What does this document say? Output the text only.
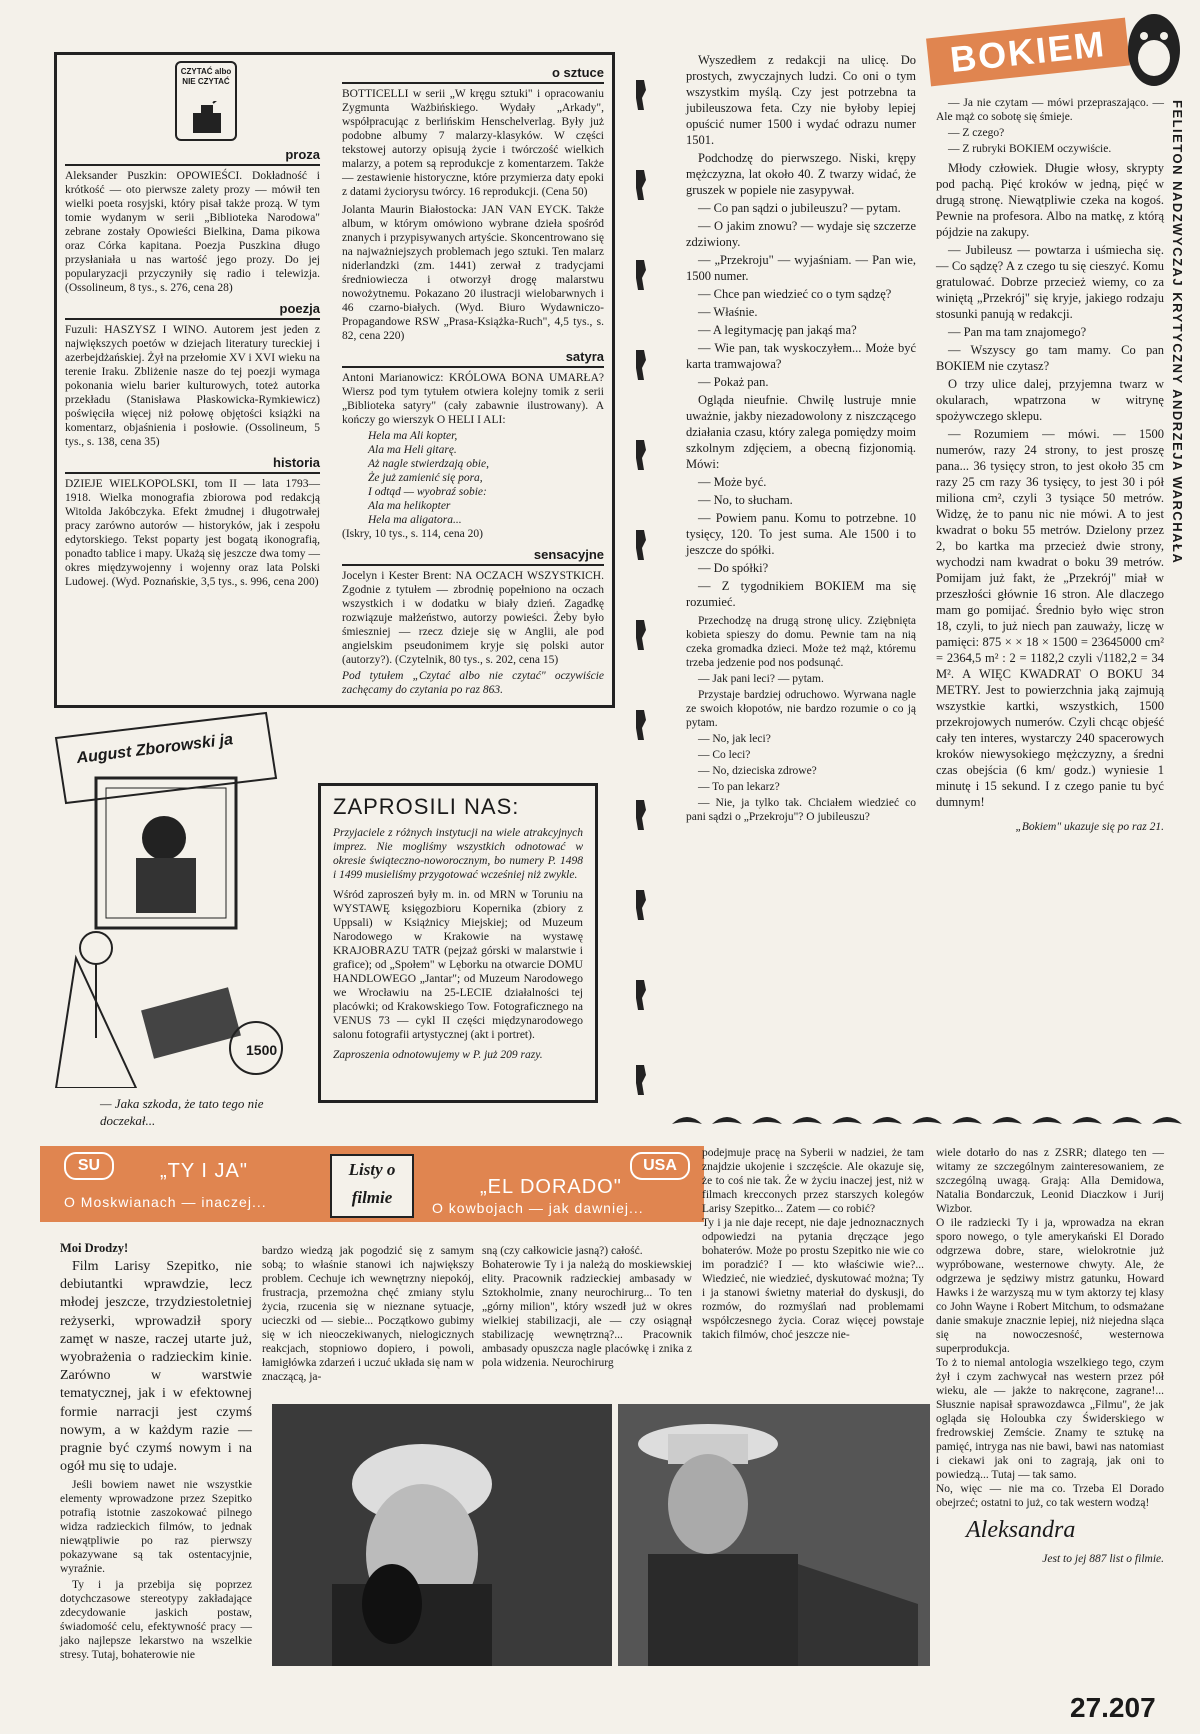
CZYTAĆ albo NIE CZYTAĆ
proza

Aleksander Puszkin: OPOWIEŚCI. Dokładność i krótkość — oto pierwsze zalety prozy — mówił ten wielki poeta rosyjski, który pisał także prozą. W tym tomie wydanym w serii „Biblioteka Narodowa" zebrane zostały Opowieści Bielkina, Dama pikowa oraz Córka kapitana. Poezja Puszkina długo przysłaniała u nas wartość jego prozy. Do jej popularyzacji przyczyniły się radio i telewizja. (Ossolineum, 8 tys., s. 276, cena 28)

poezja

Fuzuli: HASZYSZ I WINO. Autorem jest jeden z największych poetów w dziejach literatury tureckiej i azerbejdżańskiej. Żył na przełomie XV i XVI wieku na terenie Iraku. Zbliżenie nasze do tej poezji wymaga pokonania wielu barier kulturowych, toteż autorka przekładu (Stanisława Płaskowicka-Rymkiewicz) poświęciła więcej niż połowę objętości książki na komentarz, objaśnienia i posłowie. (Ossolineum, 5 tys., s. 138, cena 35)

historia

DZIEJE WIELKOPOLSKI, tom II — lata 1793—1918. Wielka monografia zbiorowa pod redakcją Witolda Jakóbczyka. Efekt żmudnej i długotrwałej pracy zarówno autorów — historyków, jak i zespołu edytorskiego. Tekst poparty jest bogatą ikonografią, ponadto tablice i mapy. Ukażą się jeszcze dwa tomy — okres międzywojenny i wojenny oraz lata Polski Ludowej. (Wyd. Poznańskie, 3,5 tys., s. 996, cena 200)

o sztuce

BOTTICELLI w serii „W kręgu sztuki" i opracowaniu Zygmunta Ważbińskiego. Wydały „Arkady", współpracując z berlińskim Henschelverlag. Były już podobne albumy 7 malarzy-klasyków. W części tekstowej autorzy opisują życie i twórczość wielkich malarzy, a potem są reprodukcje z komentarzem. Także — zestawienie historyczne, które przymierza daty epoki z datami życiorysu twórcy. 16 reprodukcji. (Cena 50)

Jolanta Maurin Białostocka: JAN VAN EYCK. Także album, w którym omówiono wybrane dzieła spośród znanych i przypisywanych artyście. Skoncentrowano się na najważniejszych problemach jego sztuki. Ten malarz niderlandzki (zm. 1441) zerwał z tradycjami średniowiecza i otworzył drogę malarstwu nowożytnemu. Pokazano 20 ilustracji wielobarwnych i 46 czarno-białych. (Wyd. Biuro Wydawniczo-Propagandowe RSW „Prasa-Książka-Ruch", 4,5 tys., s. 82, cena 220)

satyra

Antoni Marianowicz: KRÓLOWA BONA UMARŁA? Wiersz pod tym tytułem otwiera kolejny tomik z serii „Biblioteka satyry" (cały zabawnie ilustrowany). A kończy go wierszyk O HELI I ALI:

Hela ma Ali kopter,
Ala ma Heli gitarę.
Aż nagle stwierdzają obie,
Że już zamienić się pora,
I odtąd — wyobraź sobie:
Ala ma helikopter
Hela ma aligatora...

(Iskry, 10 tys., s. 114, cena 20)

sensacyjne

Jocelyn i Kester Brent: NA OCZACH WSZYSTKICH. Zgodnie z tytułem — zbrodnię popełniono na oczach wszystkich i w dodatku w biały dzień. Zagadkę rozwiązuje małżeństwo, autorzy powieści. Żeby było śmieszniej — rzecz dzieje się w Anglii, ale pod angielskim pseudonimem kryje się polski autor (autorzy?). (Czytelnik, 80 tys., s. 202, cena 15)

Pod tytułem „Czytać albo nie czytać" oczywiście zachęcamy do czytania po raz 863.

August Zborowski ja
1500
— Jaka szkoda, że tato tego nie doczekał...
ZAPROSILI NAS:
Przyjaciele z różnych instytucji na wiele atrakcyjnych imprez. Nie mogliśmy wszystkich odnotować w okresie świąteczno-noworocznym, bo numery P. 1498 i 1499 musieliśmy przygotować wcześniej niż zwykle.
Wśród zaproszeń były m. in. od MRN w Toruniu na WYSTAWĘ księgozbioru Kopernika (zbiory z Uppsali) w Książnicy Miejskiej; od Muzeum Narodowego w Krakowie na wystawę KRAJOBRAZU TATR (pejzaż górski w malarstwie i grafice); od „Społem" w Lęborku na otwarcie DOMU HANDLOWEGO „Jantar"; od Muzeum Narodowego we Wrocławiu na 25-LECIE działalności tej placówki; od Krakowskiego Tow. Fotograficznego na VENUS 73 — cykl II części międzynarodowego salonu fotografii artystycznej (akt i portret).
Zaproszenia odnotowujemy w P. już 209 razy.

Wyszedłem z redakcji na ulicę. Do prostych, zwyczajnych ludzi. Co oni o tym wszystkim myślą. Czy jest potrzebna ta jubileuszowa feta. Czy nie byłoby lepiej opuścić numer 1500 i wydać odrazu numer 1501.

Podchodzę do pierwszego. Niski, krępy mężczyzna, lat około 40. Z twarzy widać, że gruszek w popiele nie zasypywał.

— Co pan sądzi o jubileuszu? — pytam.

— O jakim znowu? — wydaje się szczerze zdziwiony.

— „Przekroju" — wyjaśniam. — Pan wie, 1500 numer.

— Chce pan wiedzieć co o tym sądzę?

— Właśnie.

— A legitymację pan jakąś ma?

— Wie pan, tak wyskoczyłem... Może być karta tramwajowa?

— Pokaż pan.

Ogląda nieufnie. Chwilę lustruje mnie uważnie, jakby niezadowolony z niszczącego działania czasu, który zalega pomiędzy moim szkolnym zdjęciem, a obecną fizjonomią. Mówi:

— Może być.

— No, to słucham.

— Powiem panu. Komu to potrzebne. 10 tysięcy, 120. To jest suma. Ale 1500 i to jeszcze do spółki.

— Do spółki?

— Z tygodnikiem BOKIEM ma się rozumieć.

Przechodzę na drugą stronę ulicy. Zziębnięta kobieta spieszy do domu. Pewnie tam na nią czeka gromadka dzieci. Może też mąż, któremu trzeba jedzenie pod nos podsunąć.

— Jak pani leci? — pytam.

Przystaje bardziej odruchowo. Wyrwana nagle ze swoich kłopotów, nie bardzo rozumie o co ją pytam.

— No, jak leci?

— Co leci?

— No, dzieciska zdrowe?

— To pan lekarz?

— Nie, ja tylko tak. Chciałem wiedzieć co pani sądzi o „Przekroju"? O jubileuszu?

BOKIEM

— Ja nie czytam — mówi przepraszająco. — Ale mąż co sobotę się śmieje.

— Z czego?

— Z rubryki BOKIEM oczywiście.

Młody człowiek. Długie włosy, skrypty pod pachą. Pięć kroków w jedną, pięć w drugą stronę. Niewątpliwie czeka na kogoś. Pewnie na profesora. Albo na matkę, z którą pójdzie na zakupy.

— Jubileusz — powtarza i uśmiecha się. — Co sądzę? A z czego tu się cieszyć. Komu gratulować. Dobrze przecież wiemy, co za winiętą „Przekrój" się kryje, jakiego rodzaju stosunki panują w redakcji.

— Pan ma tam znajomego?

— Wszyscy go tam mamy. Co pan BOKIEM nie czytasz?

O trzy ulice dalej, przyjemna twarz w okularach, wpatrzona w witrynę spożywczego sklepu.

— Rozumiem — mówi. — 1500 numerów, razy 24 strony, to jest proszę pana... 36 tysięcy stron, to jest około 35 cm razy 25 cm razy 36 tysięcy, to jest 30 i pół miliona cm², czyli 3 tysiące 50 metrów. Widzę, że to panu nic nie mówi. A to jest kwadrat o boku 55 metrów. Dzielony przez 2, bo kartka ma przecież dwie strony, wychodzi nam kwadrat o boku 39 metrów. Pomijam już fakt, że „Przekrój" miał w przeszłości głównie 16 stron. Ale dlaczego mam go pomijać. Średnio było więc stron 18, czyli, to już niech pan zauważy, liczę w pamięci: 875 × × 18 × 1500 = 23645000 cm² = 2364,5 m² : 2 = 1182,2 czyli √1182,2 = 34 M². A WIĘC KWADRAT O BOKU 34 METRY. Jest to powierzchnia jaką zajmują wszystkie kartki, wszystkich, 1500 przekrojowych numerów. Czyli chcąc objeść cały ten interes, wystarczy 240 spacerowych kroków niewysokiego mężczyzny, a średni czas obejścia (6 km/ godz.) wyniesie 1 minutę i 15 sekund. I z czego panie tu być dumnym!

„Bokiem" ukazuje się po raz 21.

FELIETON NADZWYCZAJ KRYTYCZNY ANDRZEJA WARCHAŁA
SU	„TY I JA"
O Moskwianach — inaczej...
Listy o filmie
USA
„EL DORADO"
O kowbojach — jak dawniej...

Moi Drodzy!

Film Larisy Szepitko, nie debiutantki wprawdzie, lecz młodej jeszcze, trzydziestoletniej reżyserki, wprowadził spory zamęt w nasze, raczej utarte już, wyobrażenia o radzieckim kinie. Zarówno w warstwie tematycznej, jak i w efektownej formie narracji jest czymś nowym, a w każdym razie — pragnie być czymś nowym i na ogół mu się to udaje.

Jeśli bowiem nawet nie wszystkie elementy wprowadzone przez Szepitko potrafią istotnie zaszokować pilnego widza radzieckich filmów, to jednak niewątpliwie po raz pierwszy pokazywane są tak ostentacyjnie, wyraźnie.

Ty i ja przebija się poprzez dotychczasowe stereotypy zakładające zdecydowanie jaskich postaw, świadomość celu, efektywność pracy — jako najlepsze lekarstwo na wszelkie stresy. Tutaj, bohaterowie nie

bardzo wiedzą jak pogodzić się z samym sobą; to właśnie stanowi ich największy problem. Cechuje ich wewnętrzny niepokój, frustracja, przemożna chęć zmiany stylu życia, rzucenia się w nieznane sytuacje, ucieczki od — siebie... Początkowo gubimy się w ich nieoczekiwanych, nielogicznych reakcjach, stopniowo dopiero, i powoli, łamigłówka zdarzeń i uczuć układa się nam w znaczącą, ja-

sną (czy całkowicie jasną?) całość.
Bohaterowie Ty i ja należą do moskiewskiej elity. Pracownik radzieckiej ambasady w Sztokholmie, znany neurochirurg... To ten „górny milion", który wszedł już w okres wielkiej stabilizacji, ale — czy osiągnął stabilizację wewnętrzną?... Pracownik ambasady opuszcza nagle placówkę i znika z pola widzenia. Neurochirurg

podejmuje pracę na Syberii w nadziei, że tam znajdzie ukojenie i szczęście. Ale okazuje się, że to coś nie tak. Że w życiu inaczej jest, niż w filmach krecconych przez starszych kolegów Larisy Szepitko... Zatem — co robić?
Ty i ja nie daje recept, nie daje jednoznacznych odpowiedzi na pytania dręczące jego bohaterów. Może po prostu Szepitko nie wie co im poradzić? I — kto właściwie wie?... Wiedzieć, nie wiedzieć, dyskutować można; Ty i ja stanowi świetny materiał do dyskusji, do rozmów, do rozmyślań nad problemami współczesnego życia. Coraz więcej powstaje takich filmów, choć jeszcze nie-

wiele dotarło do nas z ZSRR; dlatego ten — witamy ze szczególnym zainteresowaniem, ze szczególną uwagą. Grają: Alla Demidowa, Natalia Bondarczuk, Leonid Diaczkow i Jurij Wizbor.
O ile radziecki Ty i ja, wprowadza na ekran sporo nowego, o tyle amerykański El Dorado odgrzewa dobre, stare, wielokrotnie już wypróbowane, westernowe chwyty. Ale, że odgrzewa je sędziwy mistrz gatunku, Howard Hawks i że warzyszą mu w tym aktorzy tej klasy co John Wayne i Robert Mitchum, to odsmażane danie smakuje znacznie lepiej, niż niejedna sląca się na nowoczesność, westernowa superprodukcja.
To ż to niemal antologia wszelkiego tego, czym żył i czym zachwycał nas western przez pół wieku, ale — jakże to nakręcone, zagrane!... Słusznie napisał sprawozdawca „Filmu", że jak ogląda się Holoubka czy Świderskiego w fredrowskiej Zemście. Znamy te sztukę na pamięć, intryga nas nie bawi, bawi nas natomiast i ciekawi jak oni to zagrają, jak oni to powiedzą... Tutaj — tak samo.
No, więc — nie ma co. Trzeba El Dorado obejrzeć; ostatni to już, co tak western wodzą!

Aleksandra

Jest to jej 887 list o filmie.

27.207
